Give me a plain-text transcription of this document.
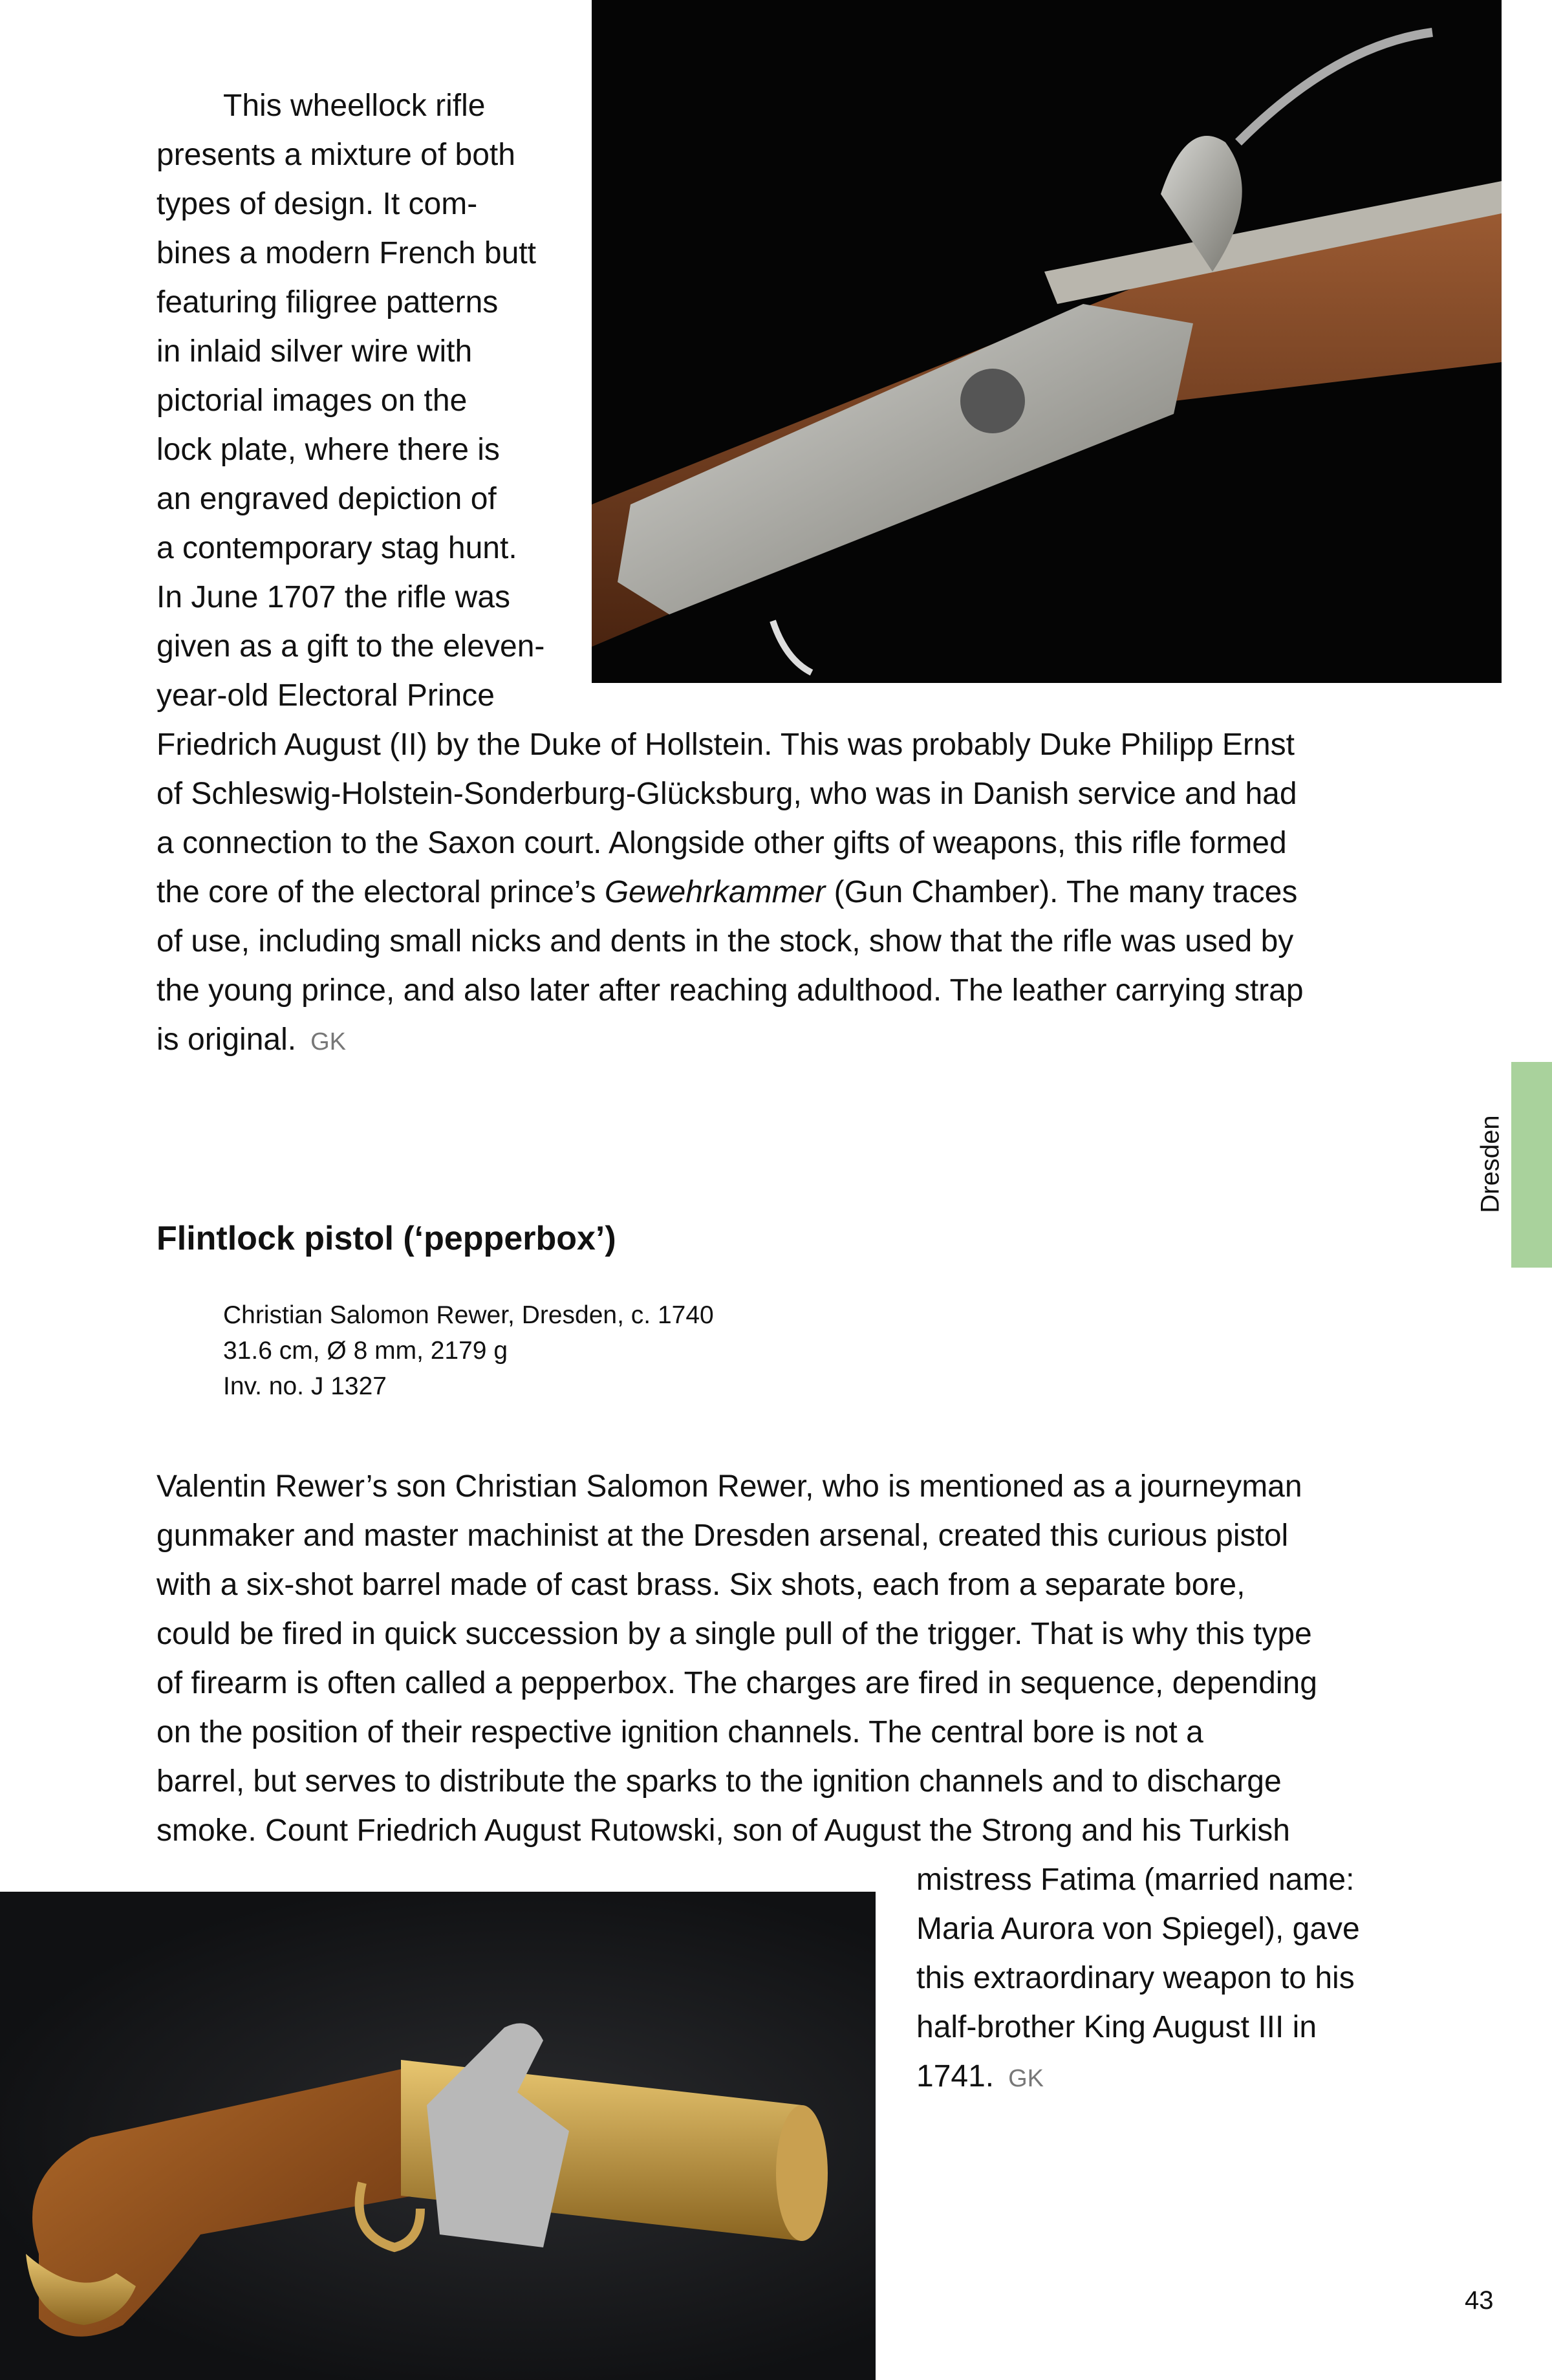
This wheellock rifle
presents a mixture of both
types of design. It com-
bines a modern French butt
featuring filigree patterns
in inlaid silver wire with
pictorial images on the
lock plate, where there is
an engraved depiction of
a contemporary stag hunt.
In June 1707 the rifle was
given as a gift to the eleven-
year-old Electoral Prince
Friedrich August (II) by the Duke of Hollstein. This was probably Duke Philipp Ernst
of Schleswig-Holstein-Sonderburg-Glücksburg, who was in Danish service and had
a connection to the Saxon court. Alongside other gifts of weapons, this rifle formed
the core of the electoral prince’s Gewehrkammer (Gun Chamber). The many traces
of use, including small nicks and dents in the stock, show that the rifle was used by
the young prince, and also later after reaching adulthood. The leather carrying strap
is original. GK
Dresden
Flintlock pistol (‘pepperbox’)
Christian Salomon Rewer, Dresden, c. 1740
31.6 cm, Ø 8 mm, 2179 g
Inv. no. J 1327
Valentin Rewer’s son Christian Salomon Rewer, who is mentioned as a journeyman
gunmaker and master machinist at the Dresden arsenal, created this curious pistol
with a six-shot barrel made of cast brass. Six shots, each from a separate bore,
could be fired in quick succession by a single pull of the trigger. That is why this type
of firearm is often called a pepperbox. The charges are fired in sequence, depending
on the position of their respective ignition channels. The central bore is not a
barrel, but serves to distribute the sparks to the ignition channels and to discharge
smoke. Count Friedrich August Rutowski, son of August the Strong and his Turkish
mistress Fatima (married name:
Maria Aurora von Spiegel), gave
this extraordinary weapon to his
half-brother King August III in
1741. GK
43
